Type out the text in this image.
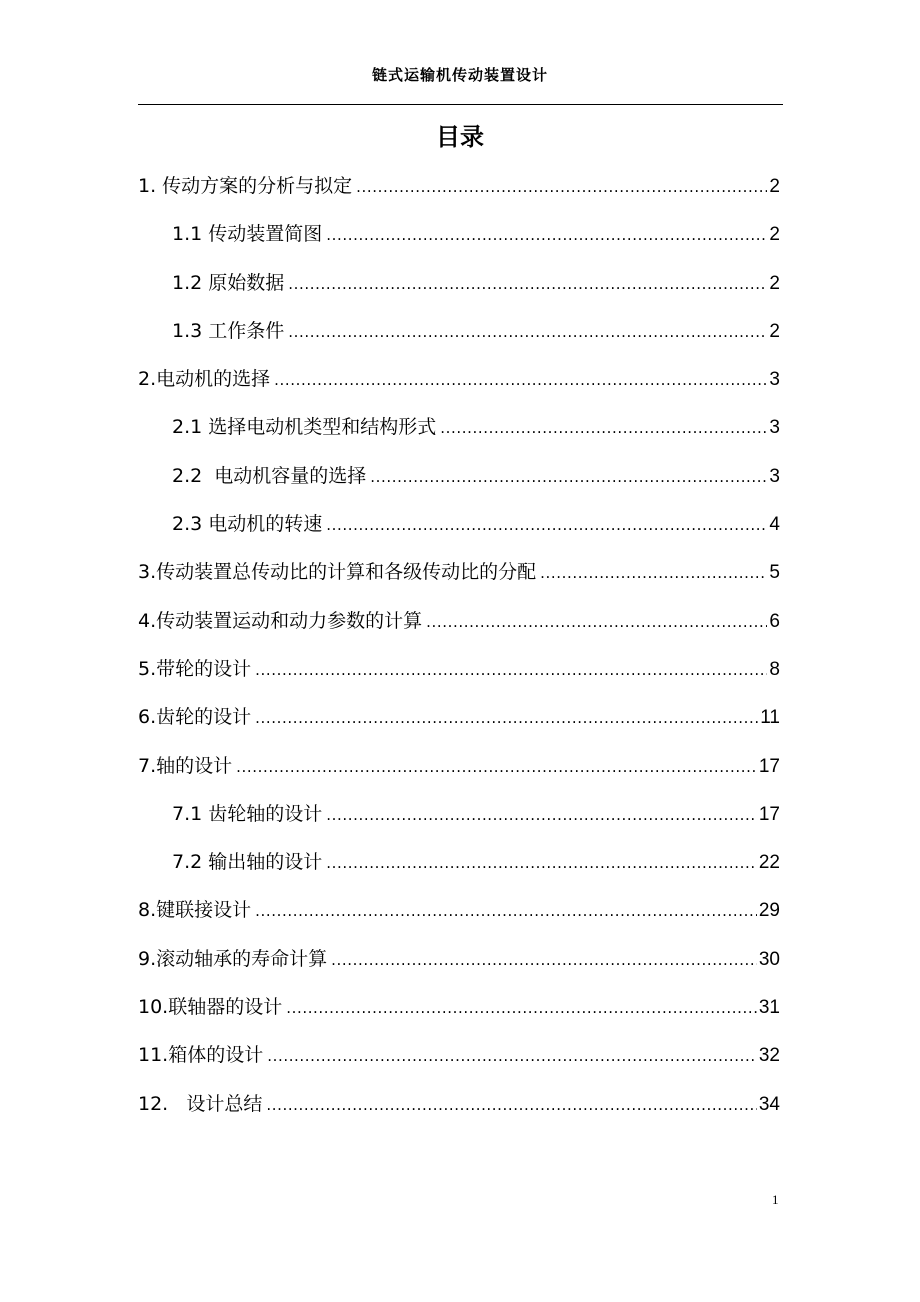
链式运输机传动装置设计
目录
1. 传动方案的分析与拟定 .....	2
1.1 传动装置简图 .....	2
1.2 原始数据 .....	2
1.3 工作条件 .....	2
2.电动机的选择 .....	3
2.1 选择电动机类型和结构形式 .....	3
2.2  电动机容量的选择 .....	3
2.3 电动机的转速 .....	4
3.传动装置总传动比的计算和各级传动比的分配 .....	5
4.传动装置运动和动力参数的计算 .....	6
5.带轮的设计 .....	8
6.齿轮的设计 .....	11
7.轴的设计 .....	17
7.1 齿轮轴的设计 .....	17
7.2 输出轴的设计 .....	22
8.键联接设计 .....	29
9.滚动轴承的寿命计算 .....	30
10.联轴器的设计 .....	31
11.箱体的设计 .....	32
12.   设计总结 .....	34
1
